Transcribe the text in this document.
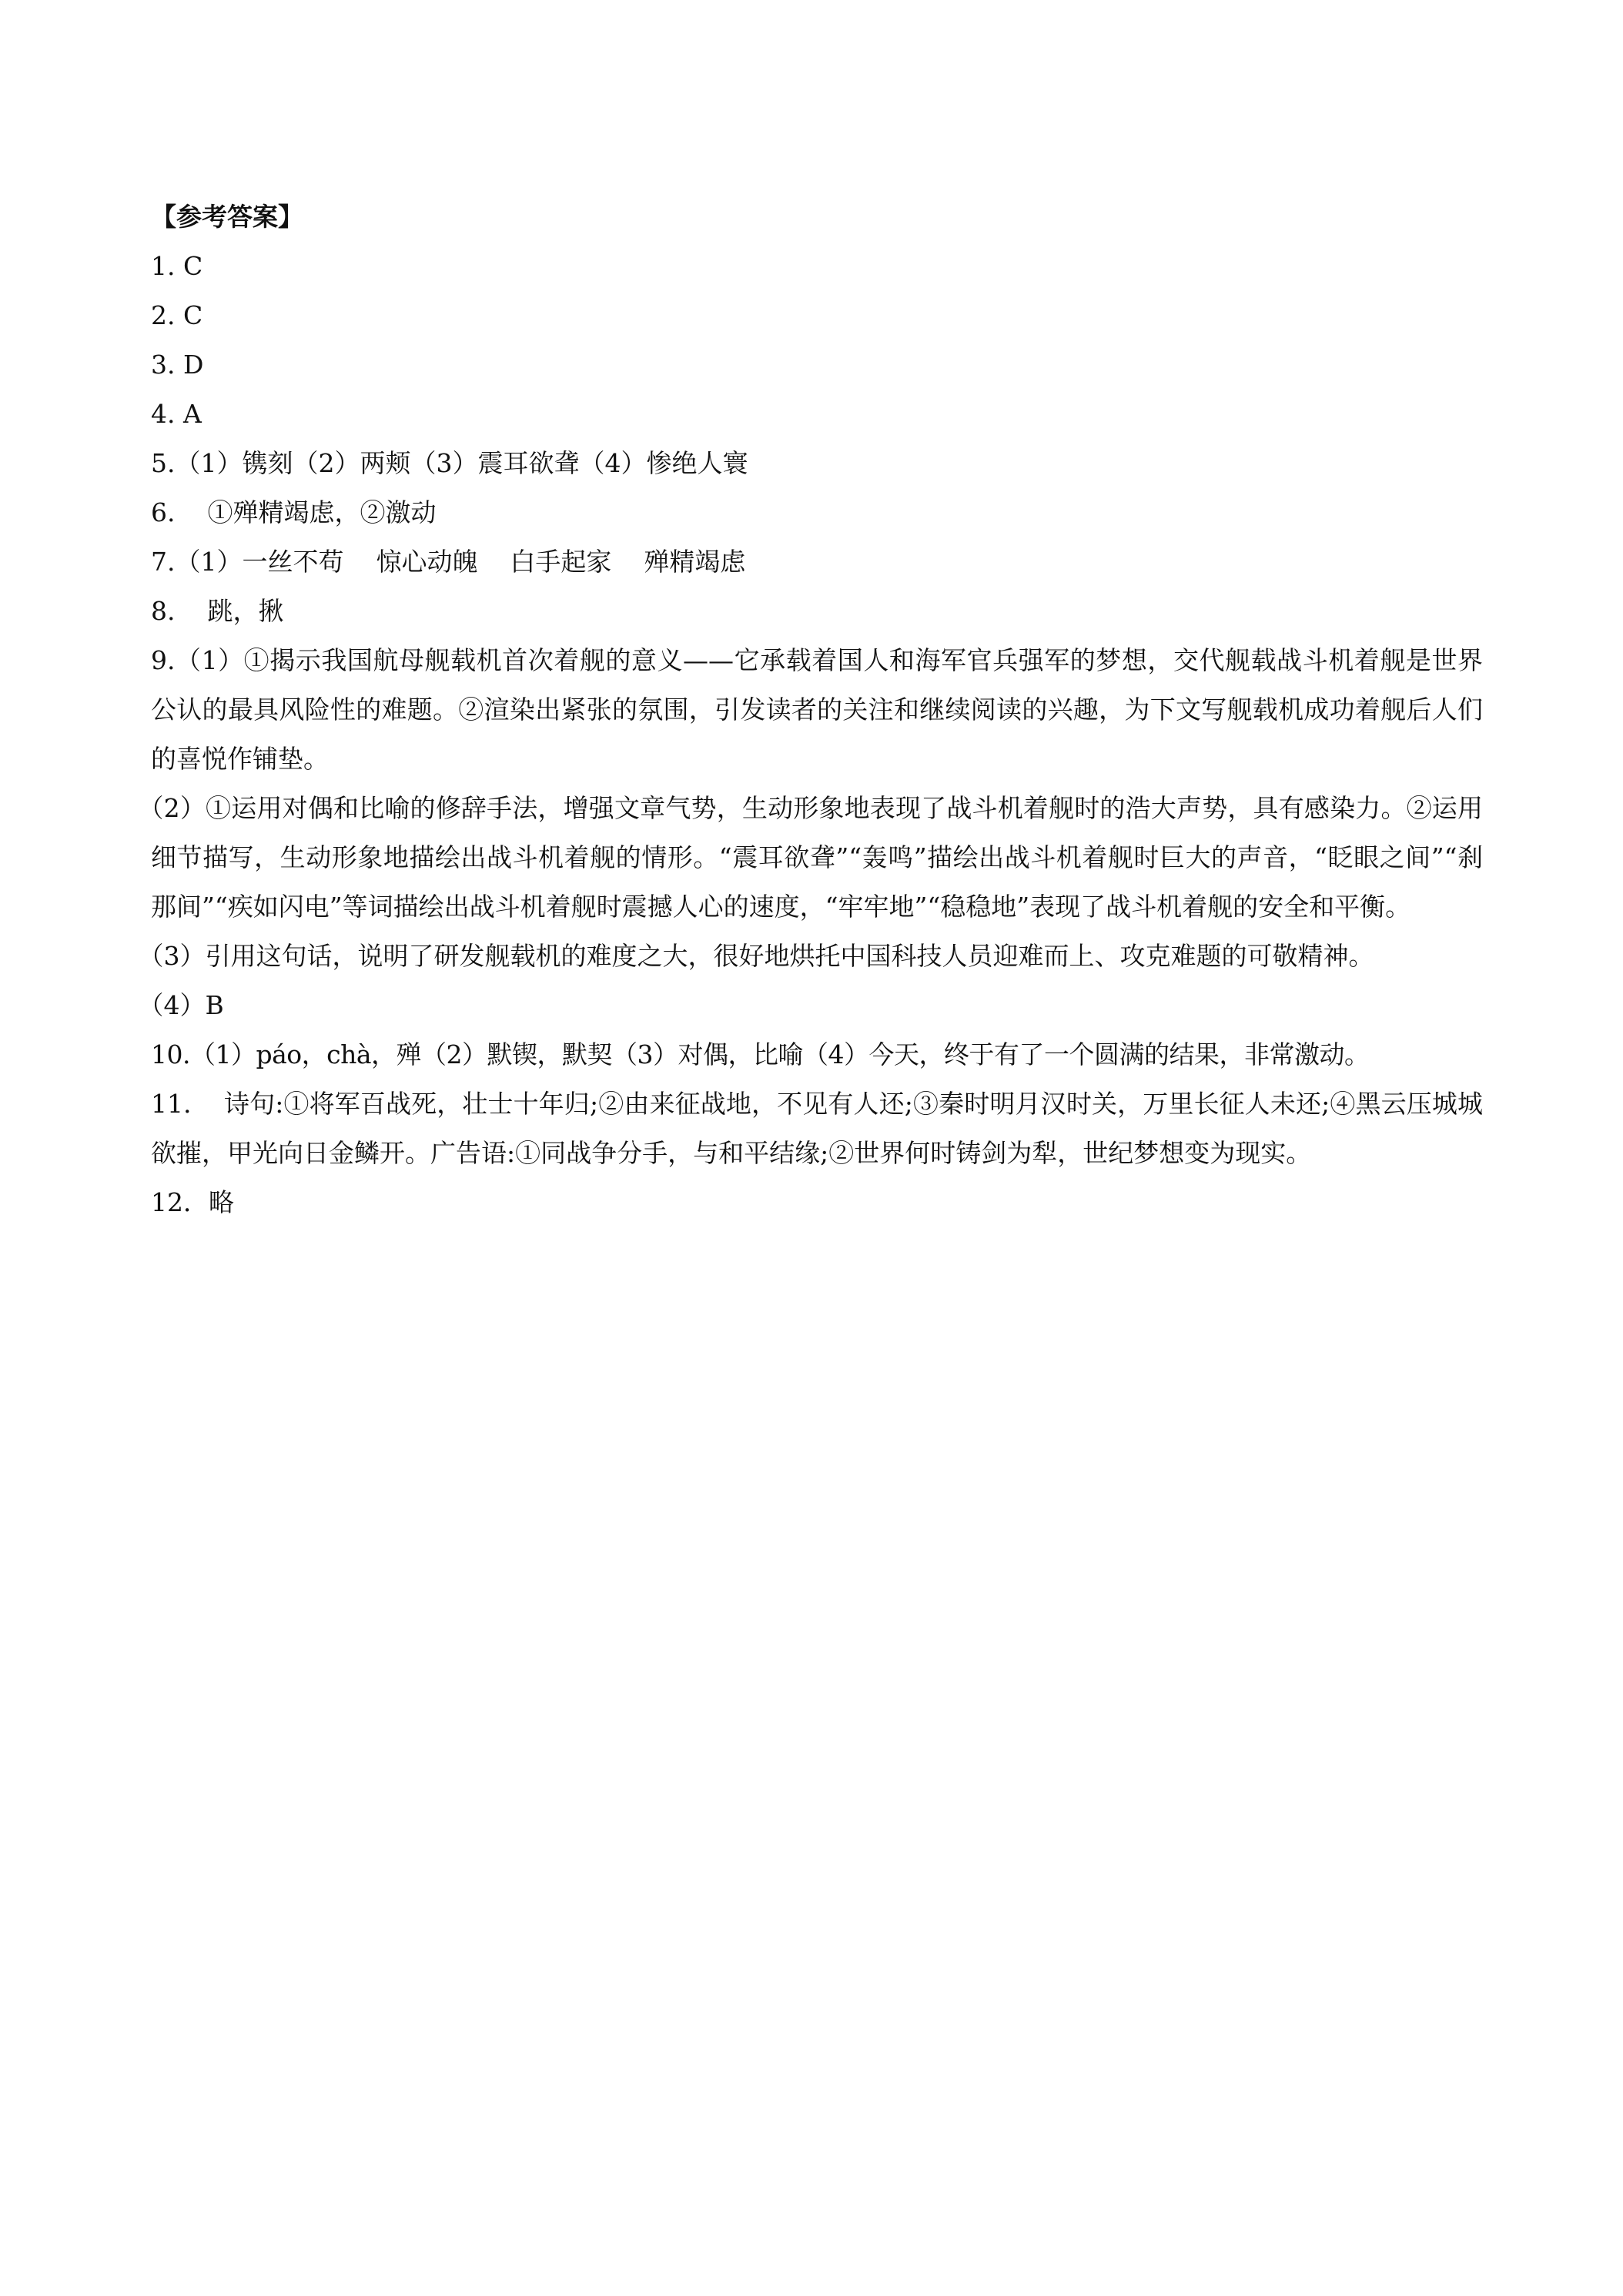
【参考答案】
1. C
2. C
3. D
4. A
5.（1）镌刻（2）两颊（3）震耳欲聋（4）惨绝人寰
6.    ①殚精竭虑，②激动
7.（1）一丝不苟    惊心动魄    白手起家    殚精竭虑
8.    跳，揪
9.（1）①揭示我国航母舰载机首次着舰的意义——它承载着国人和海军官兵强军的梦想，交代舰载战斗机着舰是世界公认的最具风险性的难题。②渲染出紧张的氛围，引发读者的关注和继续阅读的兴趣，为下文写舰载机成功着舰后人们的喜悦作铺垫。
（2）①运用对偶和比喻的修辞手法，增强文章气势，生动形象地表现了战斗机着舰时的浩大声势，具有感染力。②运用细节描写，生动形象地描绘出战斗机着舰的情形。“震耳欲聋”“轰鸣”描绘出战斗机着舰时巨大的声音，“眨眼之间”“刹那间”“疾如闪电”等词描绘出战斗机着舰时震撼人心的速度，“牢牢地”“稳稳地”表现了战斗机着舰的安全和平衡。
（3）引用这句话，说明了研发舰载机的难度之大，很好地烘托中国科技人员迎难而上、攻克难题的可敬精神。
（4）B
10.（1）páo，chà，殚（2）默锲，默契（3）对偶，比喻（4）今天，终于有了一个圆满的结果，非常激动。
11.    诗句:①将军百战死，壮士十年归;②由来征战地，不见有人还;③秦时明月汉时关，万里长征人未还;④黑云压城城欲摧，甲光向日金鳞开。广告语:①同战争分手，与和平结缘;②世界何时铸剑为犁，世纪梦想变为现实。
12．略
